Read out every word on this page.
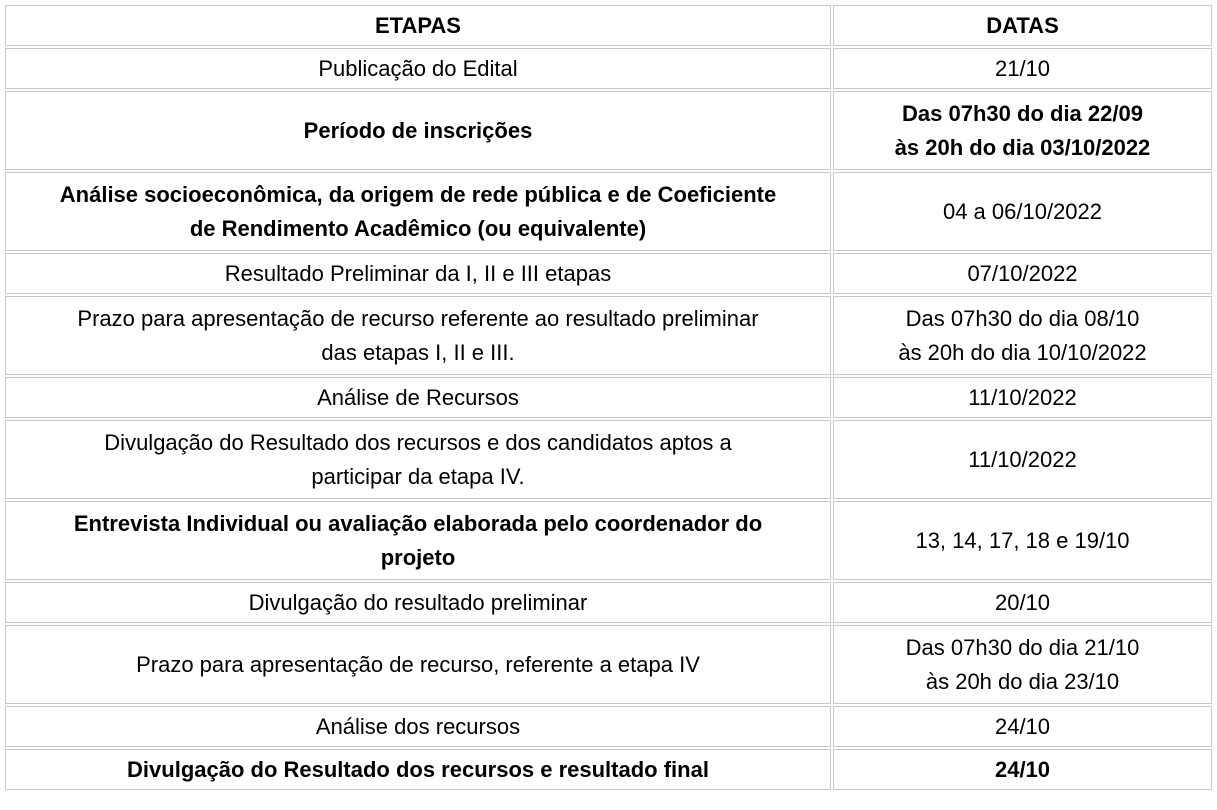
ETAPAS	DATAS

Publicação do Edital	21/10

Período de inscrições	Das 07h30 do dia 22/09
às 20h do dia 03/10/2022

Análise socioeconômica, da origem de rede pública e de Coeficiente
de Rendimento Acadêmico (ou equivalente)	04 a 06/10/2022

Resultado Preliminar da I, II e III etapas	07/10/2022

Prazo para apresentação de recurso referente ao resultado preliminar
das etapas I, II e III.	Das 07h30 do dia 08/10
às 20h do dia 10/10/2022

Análise de Recursos	11/10/2022

Divulgação do Resultado dos recursos e dos candidatos aptos a
participar da etapa IV.	11/10/2022

Entrevista Individual ou avaliação elaborada pelo coordenador do
projeto	13, 14, 17, 18 e 19/10

Divulgação do resultado preliminar	20/10

Prazo para apresentação de recurso, referente a etapa IV	Das 07h30 do dia 21/10
às 20h do dia 23/10

Análise dos recursos	24/10

Divulgação do Resultado dos recursos e resultado final	24/10
